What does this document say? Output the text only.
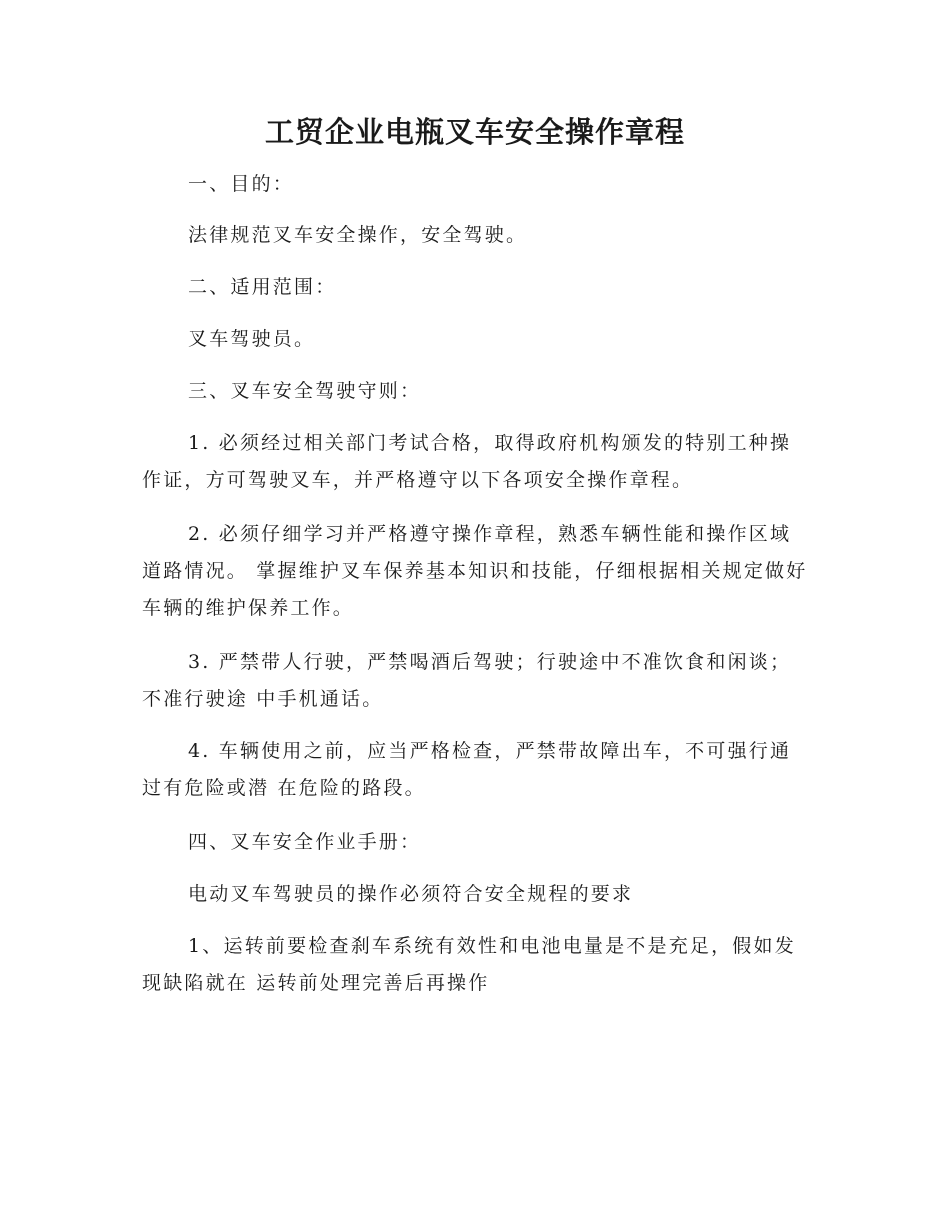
工贸企业电瓶叉车安全操作章程

一、目的：

法律规范叉车安全操作，安全驾驶。

二、适用范围：

叉车驾驶员。

三、叉车安全驾驶守则：

1. 必须经过相关部门考试合格，取得政府机构颁发的特别工种操作证，方可驾驶叉车，并严格遵守以下各项安全操作章程。

2. 必须仔细学习并严格遵守操作章程，熟悉车辆性能和操作区域道路情况。 掌握维护叉车保养基本知识和技能，仔细根据相关规定做好车辆的维护保养工作。

3. 严禁带人行驶，严禁喝酒后驾驶；行驶途中不准饮食和闲谈；不准行驶途 中手机通话。

4. 车辆使用之前，应当严格检查，严禁带故障出车，不可强行通过有危险或潜 在危险的路段。

四、叉车安全作业手册：

电动叉车驾驶员的操作必须符合安全规程的要求

1、运转前要检查刹车系统有效性和电池电量是不是充足，假如发现缺陷就在 运转前处理完善后再操作
